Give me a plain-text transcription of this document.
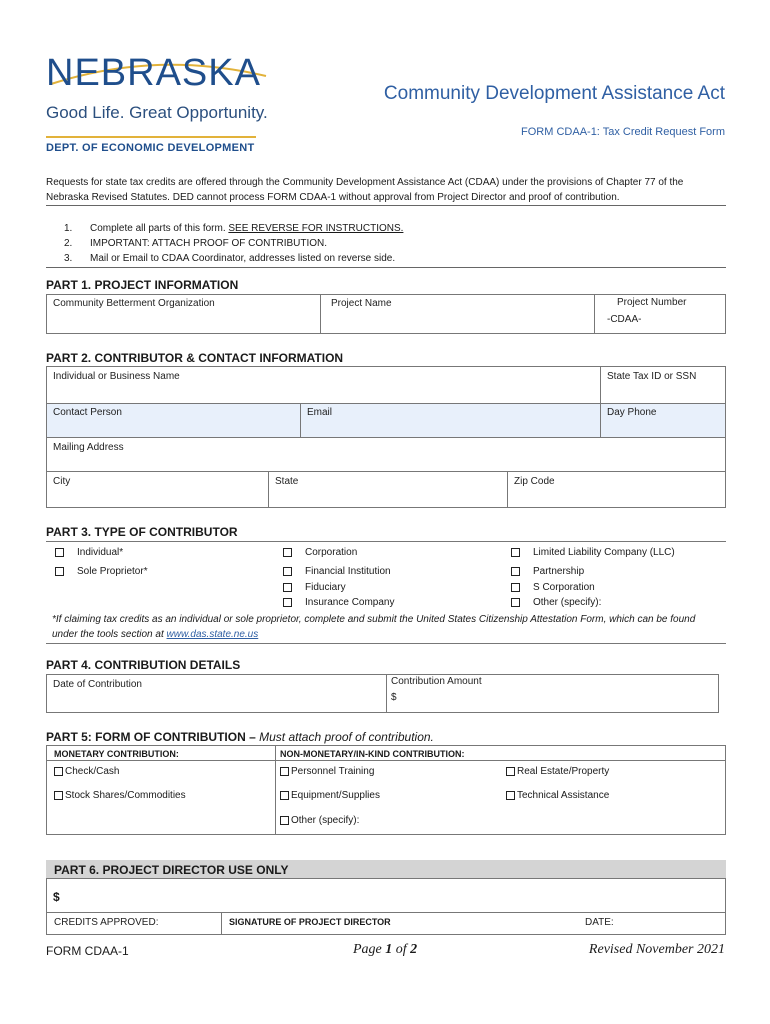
NEBRASKA
Good Life. Great Opportunity.
DEPT. OF ECONOMIC DEVELOPMENT
Community Development Assistance Act
FORM CDAA-1: Tax Credit Request Form
Requests for state tax credits are offered through the Community Development Assistance Act (CDAA) under the provisions of Chapter 77 of the Nebraska Revised Statutes. DED cannot process FORM CDAA-1 without approval from Project Director and proof of contribution.
1. Complete all parts of this form. SEE REVERSE FOR INSTRUCTIONS.
2. IMPORTANT: ATTACH PROOF OF CONTRIBUTION.
3. Mail or Email to CDAA Coordinator, addresses listed on reverse side.
PART 1. PROJECT INFORMATION
Community Betterment Organization	Project Name	Project Number
-CDAA-
PART 2. CONTRIBUTOR & CONTACT INFORMATION
Individual or Business Name	State Tax ID or SSN
Contact Person	Email	Day Phone
Mailing Address
City	State	Zip Code
PART 3. TYPE OF CONTRIBUTOR
Individual*
Sole Proprietor*
Corporation
Financial Institution
Fiduciary
Insurance Company
Limited Liability Company (LLC)
Partnership
S Corporation
Other (specify):
*If claiming tax credits as an individual or sole proprietor, complete and submit the United States Citizenship Attestation Form, which can be found under the tools section at www.das.state.ne.us
PART 4. CONTRIBUTION DETAILS
Date of Contribution	Contribution Amount
$
PART 5: FORM OF CONTRIBUTION – Must attach proof of contribution.
MONETARY CONTRIBUTION:	NON-MONETARY/IN-KIND CONTRIBUTION:
Check/Cash
Stock Shares/Commodities
Personnel Training
Equipment/Supplies
Other (specify):
Real Estate/Property
Technical Assistance
PART 6. PROJECT DIRECTOR USE ONLY
$
CREDITS APPROVED:	SIGNATURE OF PROJECT DIRECTOR	DATE:
FORM CDAA-1	Page 1 of 2	Revised November 2021
